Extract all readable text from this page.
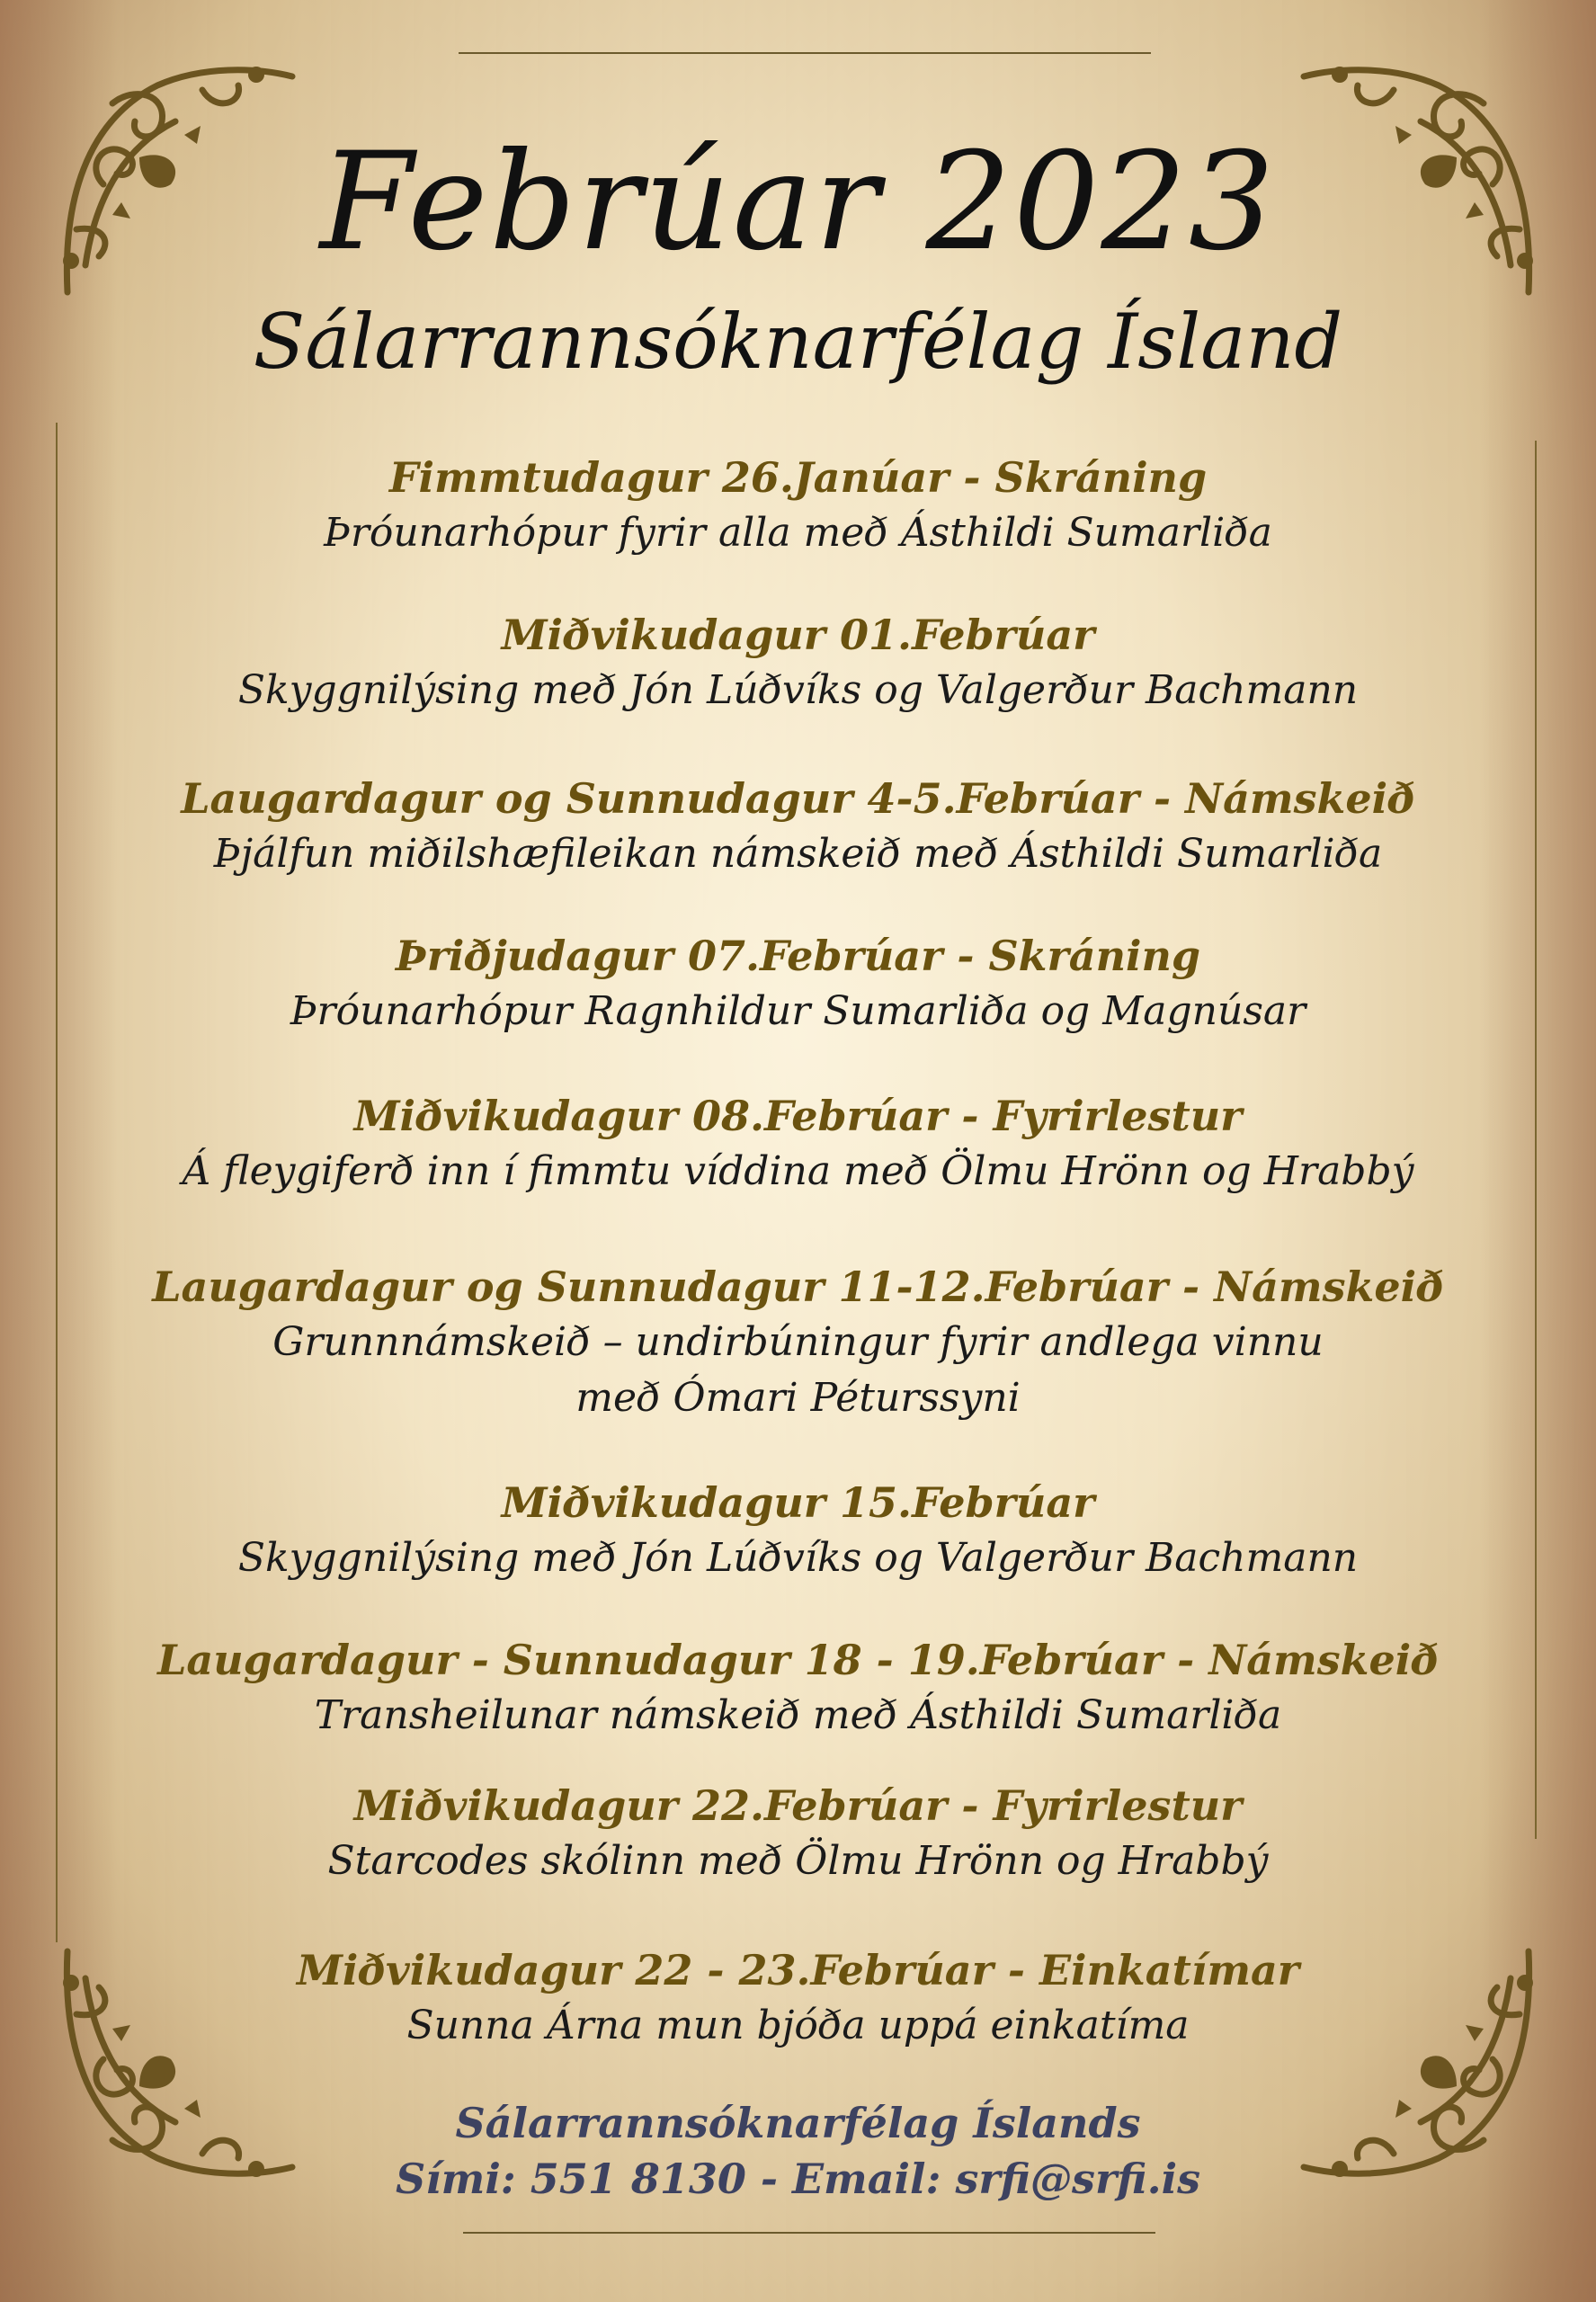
Febrúar 2023
Sálarrannsóknarfélag Ísland
Fimmtudagur 26.Janúar - Skráning
Þróunarhópur fyrir alla með Ásthildi Sumarliða
Miðvikudagur 01.Febrúar
Skyggnilýsing með Jón Lúðvíks og Valgerður Bachmann
Laugardagur og Sunnudagur 4-5.Febrúar - Námskeið
Þjálfun miðilshæfileikan námskeið með Ásthildi Sumarliða
Þriðjudagur 07.Febrúar - Skráning
Þróunarhópur Ragnhildur Sumarliða og Magnúsar
Miðvikudagur 08.Febrúar - Fyrirlestur
Á fleygiferð inn í fimmtu víddina með Ölmu Hrönn og Hrabbý
Laugardagur og Sunnudagur 11-12.Febrúar - Námskeið
Grunnnámskeið – undirbúningur fyrir andlega vinnu
með Ómari Péturssyni
Miðvikudagur 15.Febrúar
Skyggnilýsing með Jón Lúðvíks og Valgerður Bachmann
Laugardagur - Sunnudagur 18 - 19.Febrúar - Námskeið
Transheilunar námskeið með Ásthildi Sumarliða
Miðvikudagur 22.Febrúar - Fyrirlestur
Starcodes skólinn með Ölmu Hrönn og Hrabbý
Miðvikudagur 22 - 23.Febrúar - Einkatímar
Sunna Árna mun bjóða uppá einkatíma
Sálarrannsóknarfélag Íslands
Sími: 551 8130 - Email: srfi@srfi.is
